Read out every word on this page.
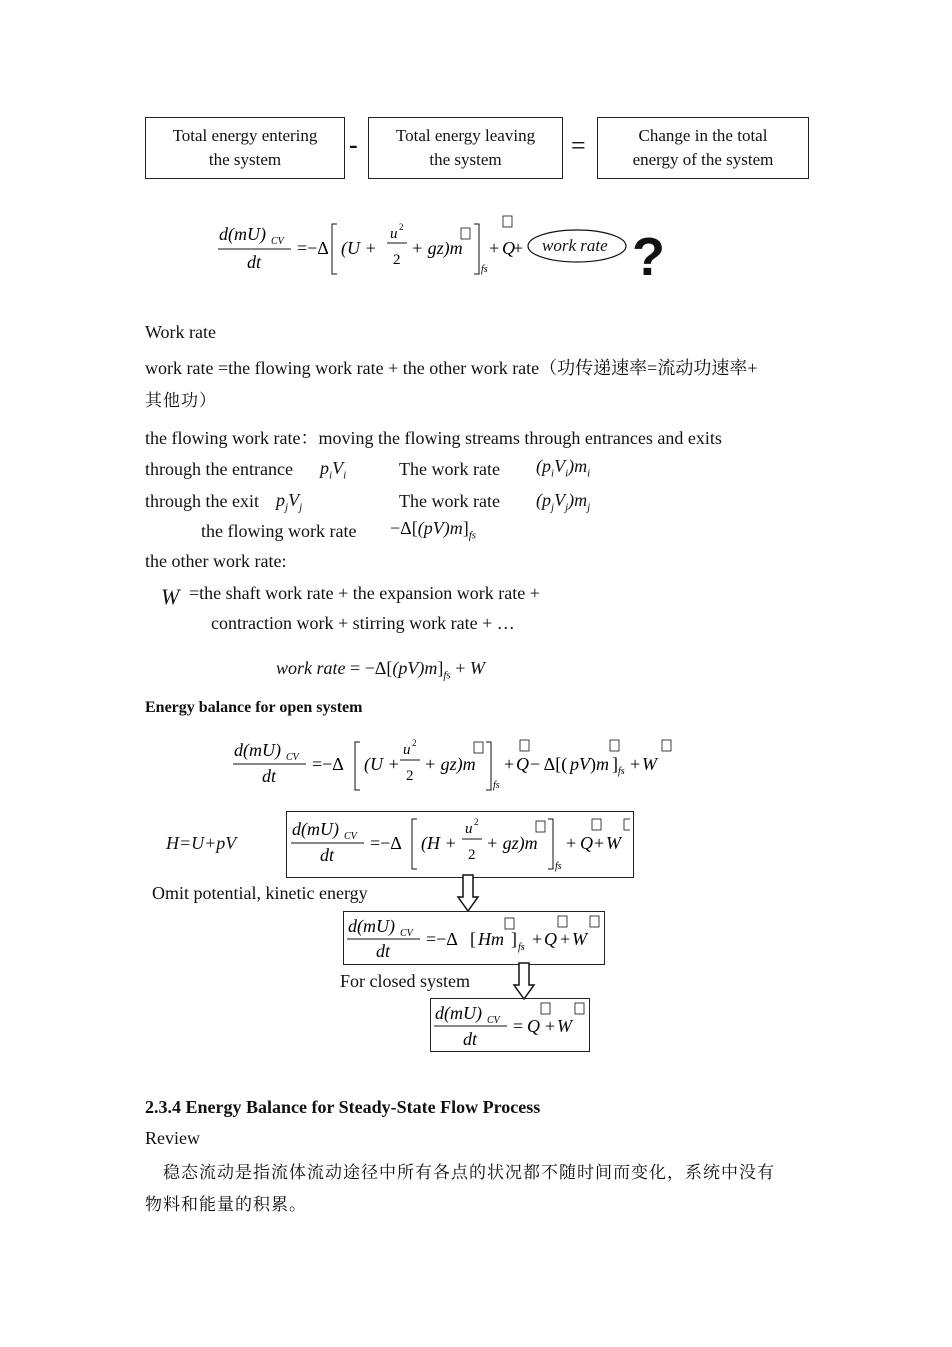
Total energy entering
the system
- Total energy leaving
the system	=	Change in the total
energy of the system
d(mU) CV
dt
=−Δ (U +
u 2
2
+ gz)m
fs
+ Q
+ work rate ?
Work rate
work rate =the flowing work rate + the other work rate（功传递速率=流动功速率+
其他功）
the flowing work rate：moving the flowing streams through entrances and exits
through the entrance $p_iV_i$	The work rate $(p_iV_i)m_i$
through the exit $p_jV_j$	The work rate $(p_jV_j)m_j$
the flowing work rate $-\Delta[(pV)m]_{fs}$
the other work rate:
W =the shaft work rate + the expansion work rate +
contraction work + stirring work rate + …
work rate = $-\Delta[(pV)m]_{fs} + W$
Energy balance for open system
d(mU) CV
dt
=−Δ (U +
u 2
2
+ gz)m
fs
+ Q − Δ[( pV ) m ] fs + W
H=U+pV
d(mU) CV
dt
=−Δ (H +
u 2
2
+ gz)m
fs
+ Q + W
Omit potential, kinetic energy
d(mU) CV
dt
=−Δ [ Hm ] fs + Q + W
For closed system
d(mU) CV
dt
= Q + W
2.3.4 Energy Balance for Steady-State Flow Process
Review
稳态流动是指流体流动途径中所有各点的状况都不随时间而变化，系统中没有
物料和能量的积累。
